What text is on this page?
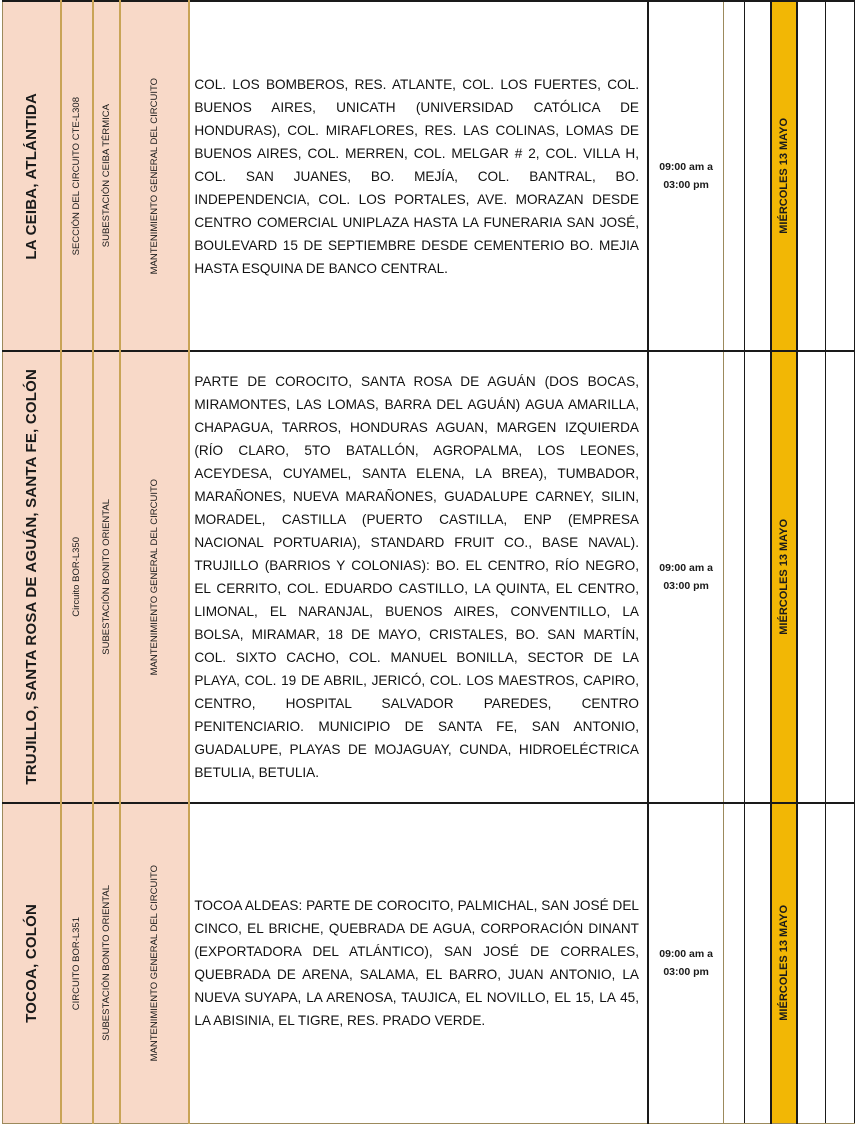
LA CEIBA, ATLÁNTIDA	SECCIÓN DEL CIRCUITO CTE-L308	SUBESTACIÓN CEIBA TÉRMICA	MANTENIMIENTO GENERAL DEL CIRCUITO	COL. LOS BOMBEROS, RES. ATLANTE, COL. LOS FUERTES, COL. BUENOS AIRES, UNICATH (UNIVERSIDAD CATÓLICA DE HONDURAS), COL. MIRAFLORES, RES. LAS COLINAS, LOMAS DE BUENOS AIRES, COL. MERREN, COL. MELGAR # 2, COL. VILLA H, COL. SAN JUANES, BO. MEJÍA, COL. BANTRAL, BO. INDEPENDENCIA, COL. LOS PORTALES, AVE. MORAZAN DESDE CENTRO COMERCIAL UNIPLAZA HASTA LA FUNERARIA SAN JOSÉ, BOULEVARD 15 DE SEPTIEMBRE DESDE CEMENTERIO BO. MEJIA HASTA ESQUINA DE BANCO CENTRAL.	09:00 am a
03:00 pm			MIÉRCOLES 13 MAYO		

TRUJILLO, SANTA ROSA DE AGUÁN, SANTA FE, COLÓN	Circuito BOR-L350	SUBESTACIÓN BONITO ORIENTAL	MANTENIMIENTO GENERAL DEL CIRCUITO	PARTE DE COROCITO, SANTA ROSA DE AGUÁN (DOS BOCAS, MIRAMONTES, LAS LOMAS, BARRA DEL AGUÁN) AGUA AMARILLA, CHAPAGUA, TARROS, HONDURAS AGUAN, MARGEN IZQUIERDA (RÍO CLARO, 5TO BATALLÓN, AGROPALMA, LOS LEONES, ACEYDESA, CUYAMEL, SANTA ELENA, LA BREA), TUMBADOR, MARAÑONES, NUEVA MARAÑONES, GUADALUPE CARNEY, SILIN, MORADEL, CASTILLA (PUERTO CASTILLA, ENP (EMPRESA NACIONAL PORTUARIA), STANDARD FRUIT CO., BASE NAVAL). TRUJILLO (BARRIOS Y COLONIAS): BO. EL CENTRO, RÍO NEGRO, EL CERRITO, COL. EDUARDO CASTILLO, LA QUINTA, EL CENTRO, LIMONAL, EL NARANJAL, BUENOS AIRES, CONVENTILLO, LA BOLSA, MIRAMAR, 18 DE MAYO, CRISTALES, BO. SAN MARTÍN, COL. SIXTO CACHO, COL. MANUEL BONILLA, SECTOR DE LA PLAYA, COL. 19 DE ABRIL, JERICÓ, COL. LOS MAESTROS, CAPIRO, CENTRO, HOSPITAL SALVADOR PAREDES, CENTRO PENITENCIARIO. MUNICIPIO DE SANTA FE, SAN ANTONIO, GUADALUPE, PLAYAS DE MOJAGUAY, CUNDA, HIDROELÉCTRICA BETULIA, BETULIA.	09:00 am a
03:00 pm			MIÉRCOLES 13 MAYO		

TOCOA, COLÓN	CIRCUITO BOR-L351	SUBESTACIÓN BONITO ORIENTAL	MANTENIMIENTO GENERAL DEL CIRCUITO	TOCOA ALDEAS: PARTE DE COROCITO, PALMICHAL, SAN JOSÉ DEL CINCO, EL BRICHE, QUEBRADA DE AGUA, CORPORACIÓN DINANT (EXPORTADORA DEL ATLÁNTICO), SAN JOSÉ DE CORRALES, QUEBRADA DE ARENA, SALAMA, EL BARRO, JUAN ANTONIO, LA NUEVA SUYAPA, LA ARENOSA, TAUJICA, EL NOVILLO, EL 15, LA 45, LA ABISINIA, EL TIGRE, RES. PRADO VERDE.	09:00 am a
03:00 pm			MIÉRCOLES 13 MAYO		
